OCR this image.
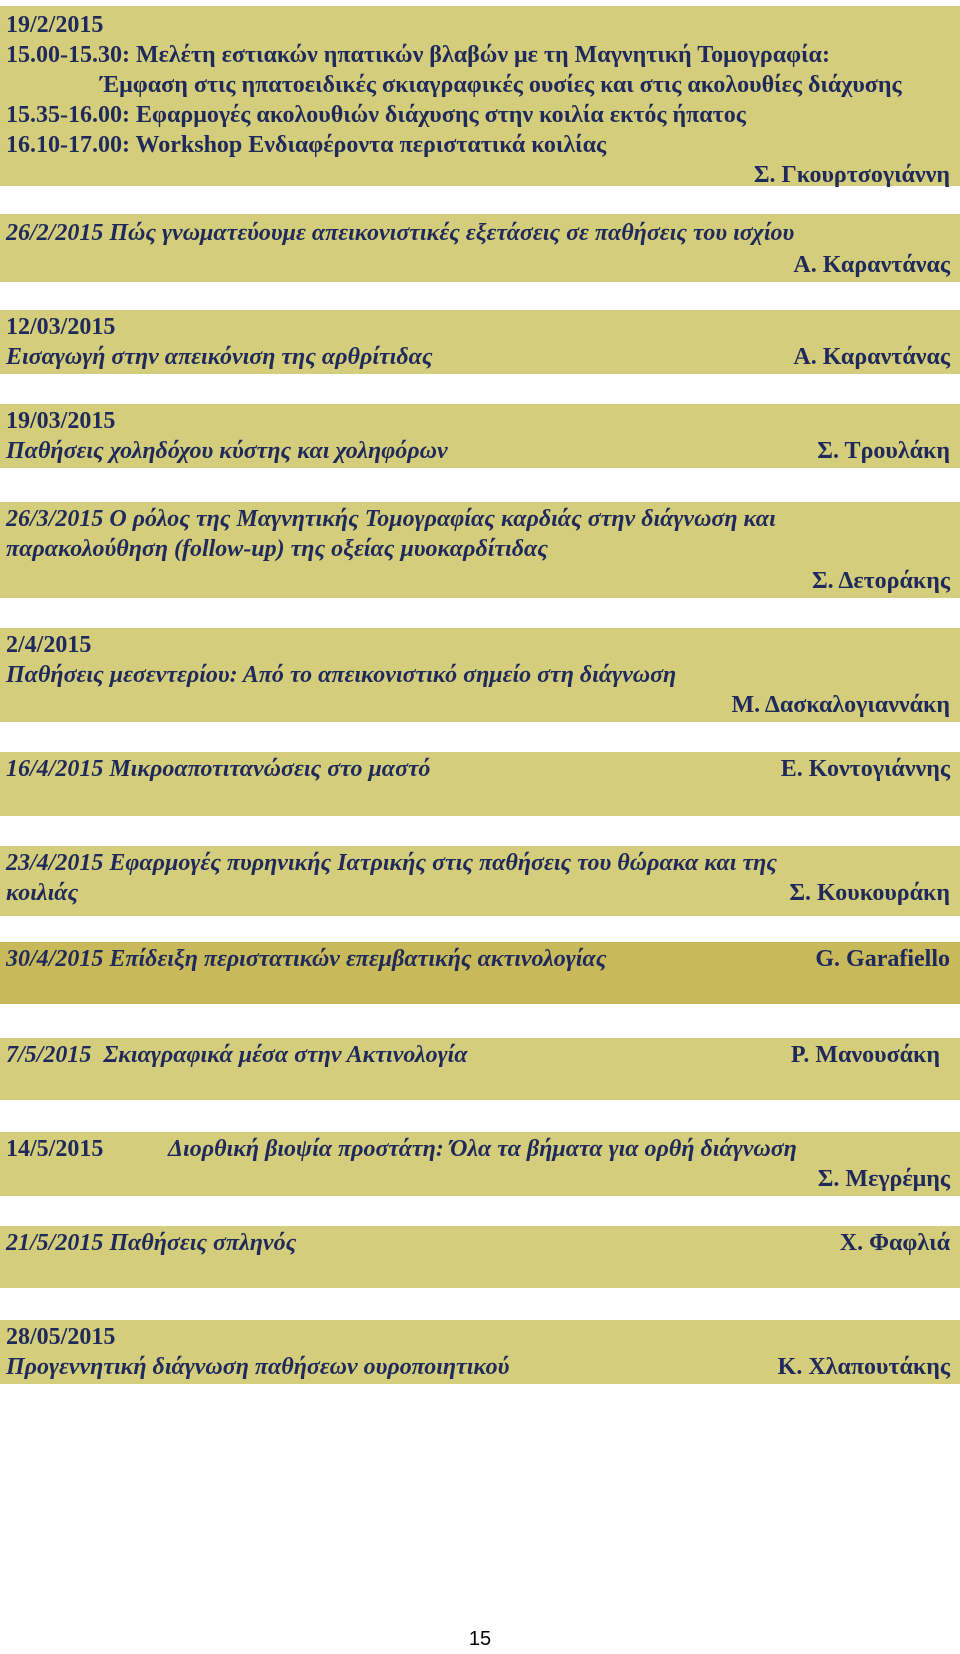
19/2/2015
15.00-15.30: Μελέτη εστιακών ηπατικών βλαβών με τη Μαγνητική Τομογραφία:
Έμφαση στις ηπατοειδικές σκιαγραφικές ουσίες και στις ακολουθίες διάχυσης
15.35-16.00: Εφαρμογές ακολουθιών διάχυσης στην κοιλία εκτός ήπατος
16.10-17.00: Workshop Ενδιαφέροντα περιστατικά κοιλίας
Σ. Γκουρτσογιάννη
26/2/2015 Πώς γνωματεύουμε απεικονιστικές εξετάσεις σε παθήσεις του ισχίου
Α. Καραντάνας
12/03/2015
Εισαγωγή στην απεικόνιση της αρθρίτιδας	Α. Καραντάνας
19/03/2015
Παθήσεις χοληδόχου κύστης και χοληφόρων	Σ. Τρουλάκη
26/3/2015 Ο ρόλος της Μαγνητικής Τομογραφίας καρδιάς στην διάγνωση και
παρακολούθηση (follow-up) της οξείας μυοκαρδίτιδας
Σ. Δετοράκης
2/4/2015
Παθήσεις μεσεντερίου: Από το απεικονιστικό σημείο στη διάγνωση
Μ. Δασκαλογιαννάκη
16/4/2015 Μικροαποτιτανώσεις στο μαστό	Ε. Κοντογιάννης
23/4/2015 Εφαρμογές πυρηνικής Ιατρικής στις παθήσεις του θώρακα και της
κοιλιάς	Σ. Κουκουράκη
30/4/2015 Επίδειξη περιστατικών επεμβατικής ακτινολογίας	G. Garafiello
7/5/2015  Σκιαγραφικά μέσα στην Ακτινολογία	Ρ. Μανουσάκη
14/5/2015	Διορθική βιοψία προστάτη: Όλα τα βήματα για ορθή διάγνωση
Σ. Μεγρέμης
21/5/2015 Παθήσεις σπληνός	Χ. Φαφλιά
28/05/2015
Προγεννητική διάγνωση παθήσεων ουροποιητικού	Κ. Χλαπουτάκης
15
